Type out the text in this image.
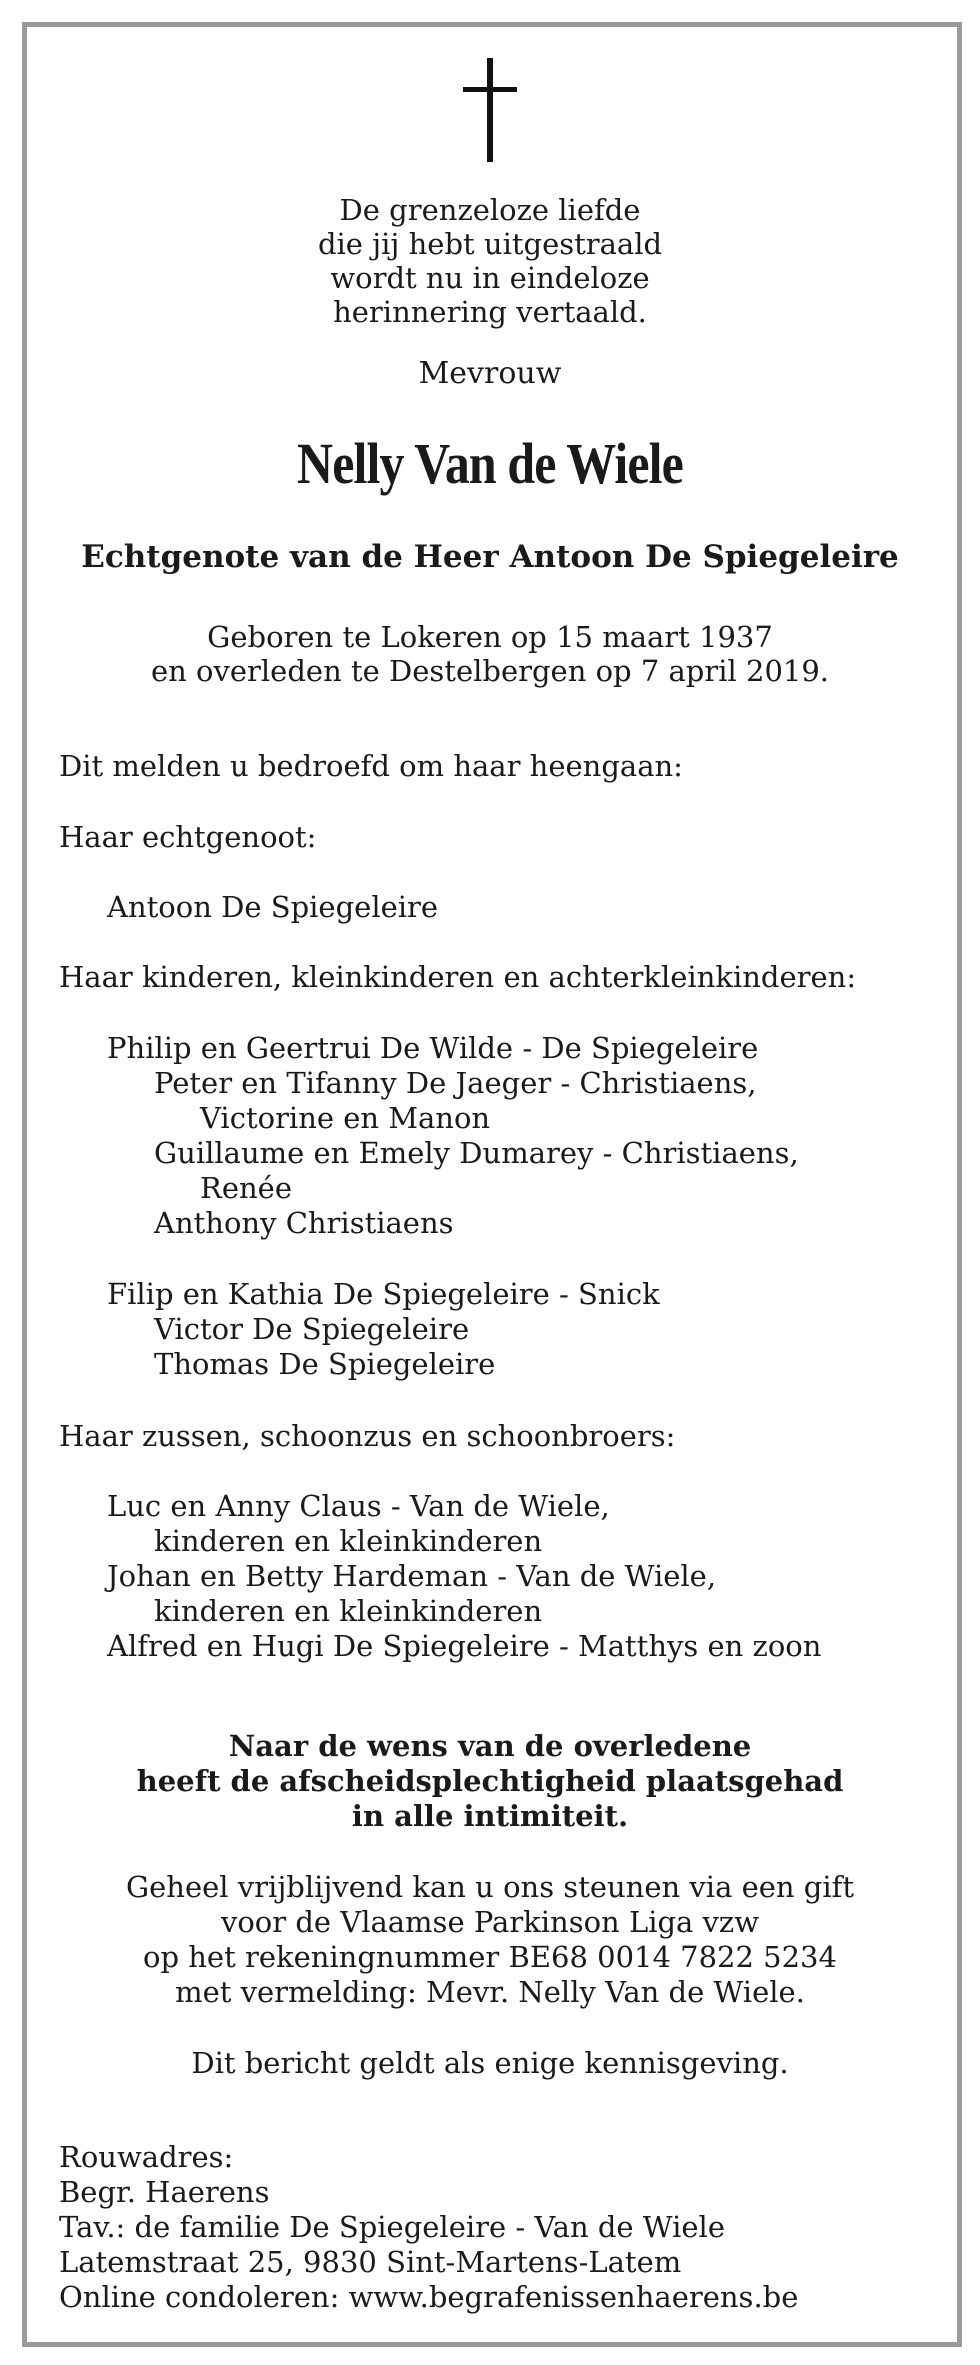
De grenzeloze liefde
die jij hebt uitgestraald
wordt nu in eindeloze
herinnering vertaald.
Mevrouw
Nelly Van de Wiele
Echtgenote van de Heer Antoon De Spiegeleire
Geboren te Lokeren op 15 maart 1937
en overleden te Destelbergen op 7 april 2019.
Dit melden u bedroefd om haar heengaan:
Haar echtgenoot:
Antoon De Spiegeleire
Haar kinderen, kleinkinderen en achterkleinkinderen:
Philip en Geertrui De Wilde - De Spiegeleire
Peter en Tifanny De Jaeger - Christiaens,
Victorine en Manon
Guillaume en Emely Dumarey - Christiaens,
Renée
Anthony Christiaens
Filip en Kathia De Spiegeleire - Snick
Victor De Spiegeleire
Thomas De Spiegeleire
Haar zussen, schoonzus en schoonbroers:
Luc en Anny Claus - Van de Wiele,
kinderen en kleinkinderen
Johan en Betty Hardeman - Van de Wiele,
kinderen en kleinkinderen
Alfred en Hugi De Spiegeleire - Matthys en zoon
Naar de wens van de overledene
heeft de afscheidsplechtigheid plaatsgehad
in alle intimiteit.
Geheel vrijblijvend kan u ons steunen via een gift
voor de Vlaamse Parkinson Liga vzw
op het rekeningnummer BE68 0014 7822 5234
met vermelding: Mevr. Nelly Van de Wiele.
Dit bericht geldt als enige kennisgeving.
Rouwadres:
Begr. Haerens
Tav.: de familie De Spiegeleire - Van de Wiele
Latemstraat 25, 9830 Sint-Martens-Latem
Online condoleren: www.begrafenissenhaerens.be
